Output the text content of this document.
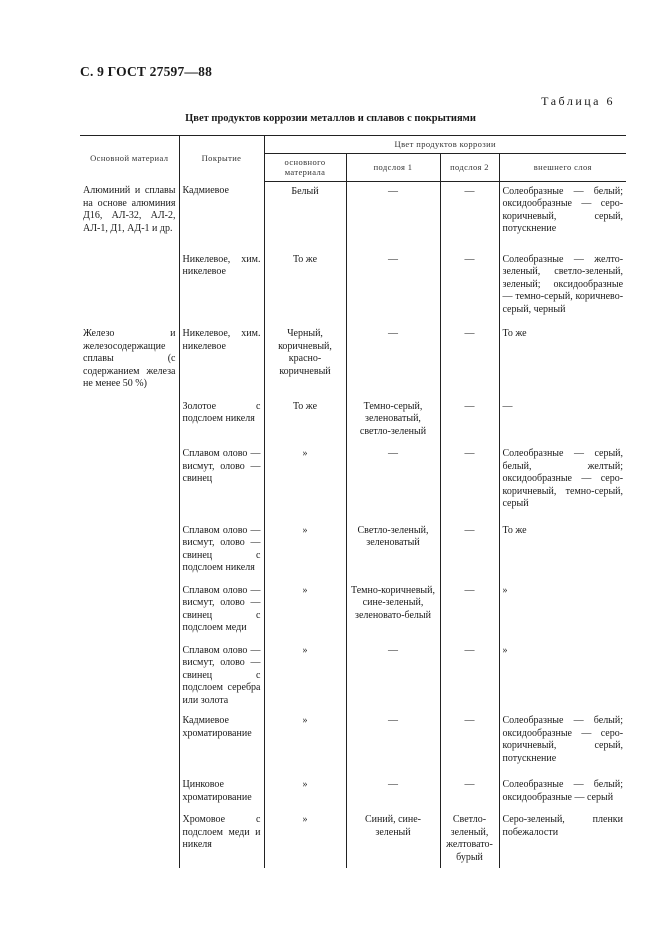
С. 9 ГОСТ 27597—88
Таблица 6
Цвет продуктов коррозии металлов и сплавов с покрытиями
Основной материал	Покрытие	Цвет продуктов коррозии			
		основного материала	подслоя 1	подслоя 2	внешнего слоя

Алюминий и сплавы на основе алюминия Д16, АЛ-32, АЛ-2, АЛ-1, Д1, АД-1 и др.	Кадмиевое	Белый	—	—	Солеобразные — белый; оксидообразные — серо-коричневый, серый, потускнение

	Никелевое, хим. никелевое	То же	—	—	Солеобразные — желто-зеленый, светло-зеленый, зеленый; оксидообразные — темно-серый, коричнево-серый, черный

Железо и железосодержащие сплавы (с содержанием железа не менее 50 %)	Никелевое, хим. никелевое	Черный, коричневый, красно-коричневый	—	—	То же

	Золотое с подслоем никеля	То же	Темно-серый, зеленоватый, светло-зеленый	—	—

	Сплавом олово — висмут, олово — свинец	»	—	—	Солеобразные — серый, белый, желтый; оксидообразные — серо-коричневый, темно-серый, серый

	Сплавом олово — висмут, олово — свинец с подслоем никеля	»	Светло-зеленый, зеленоватый	—	То же

	Сплавом олово — висмут, олово — свинец с подслоем меди	»	Темно-коричневый, сине-зеленый, зеленовато-белый	—	»

	Сплавом олово — висмут, олово — свинец с подслоем серебра или золота	»	—	—	»

	Кадмиевое хроматирование	»	—	—	Солеобразные — белый; оксидообразные — серо-коричневый, серый, потускнение

	Цинковое хроматирование	»	—	—	Солеобразные — белый; оксидообразные — серый

	Хромовое с подслоем меди и никеля	»	Синий, сине-зеленый	Светло-зеленый, желтовато-бурый	Серо-зеленый, пленки побежалости
